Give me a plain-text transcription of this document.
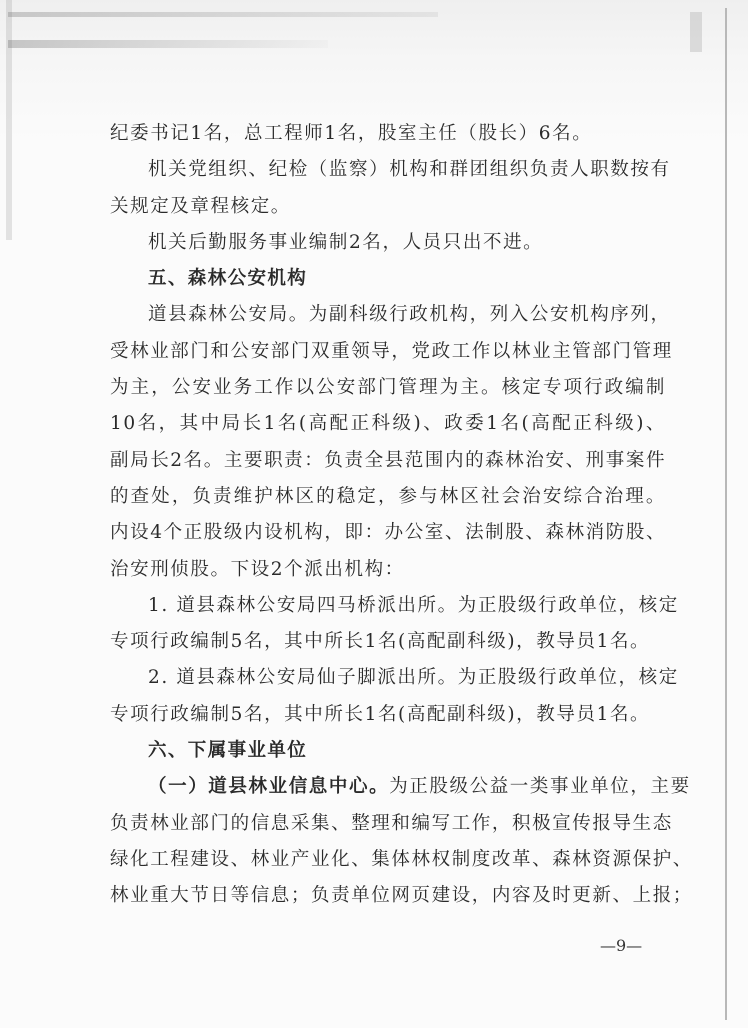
纪委书记1名，总工程师1名，股室主任（股长）6名。
机关党组织、纪检（监察）机构和群团组织负责人职数按有
关规定及章程核定。
机关后勤服务事业编制2名，人员只出不进。
五、森林公安机构
道县森林公安局。为副科级行政机构，列入公安机构序列，
受林业部门和公安部门双重领导，党政工作以林业主管部门管理
为主，公安业务工作以公安部门管理为主。核定专项行政编制
10名，其中局长1名(高配正科级)、政委1名(高配正科级)、
副局长2名。主要职责：负责全县范围内的森林治安、刑事案件
的查处，负责维护林区的稳定，参与林区社会治安综合治理。
内设4个正股级内设机构，即：办公室、法制股、森林消防股、
治安刑侦股。下设2个派出机构：
1. 道县森林公安局四马桥派出所。为正股级行政单位，核定
专项行政编制5名，其中所长1名(高配副科级)，教导员1名。
2. 道县森林公安局仙子脚派出所。为正股级行政单位，核定
专项行政编制5名，其中所长1名(高配副科级)，教导员1名。
六、下属事业单位
（一）道县林业信息中心。为正股级公益一类事业单位，主要
负责林业部门的信息采集、整理和编写工作，积极宣传报导生态
绿化工程建设、林业产业化、集体林权制度改革、森林资源保护、
林业重大节日等信息；负责单位网页建设，内容及时更新、上报；
—9—
